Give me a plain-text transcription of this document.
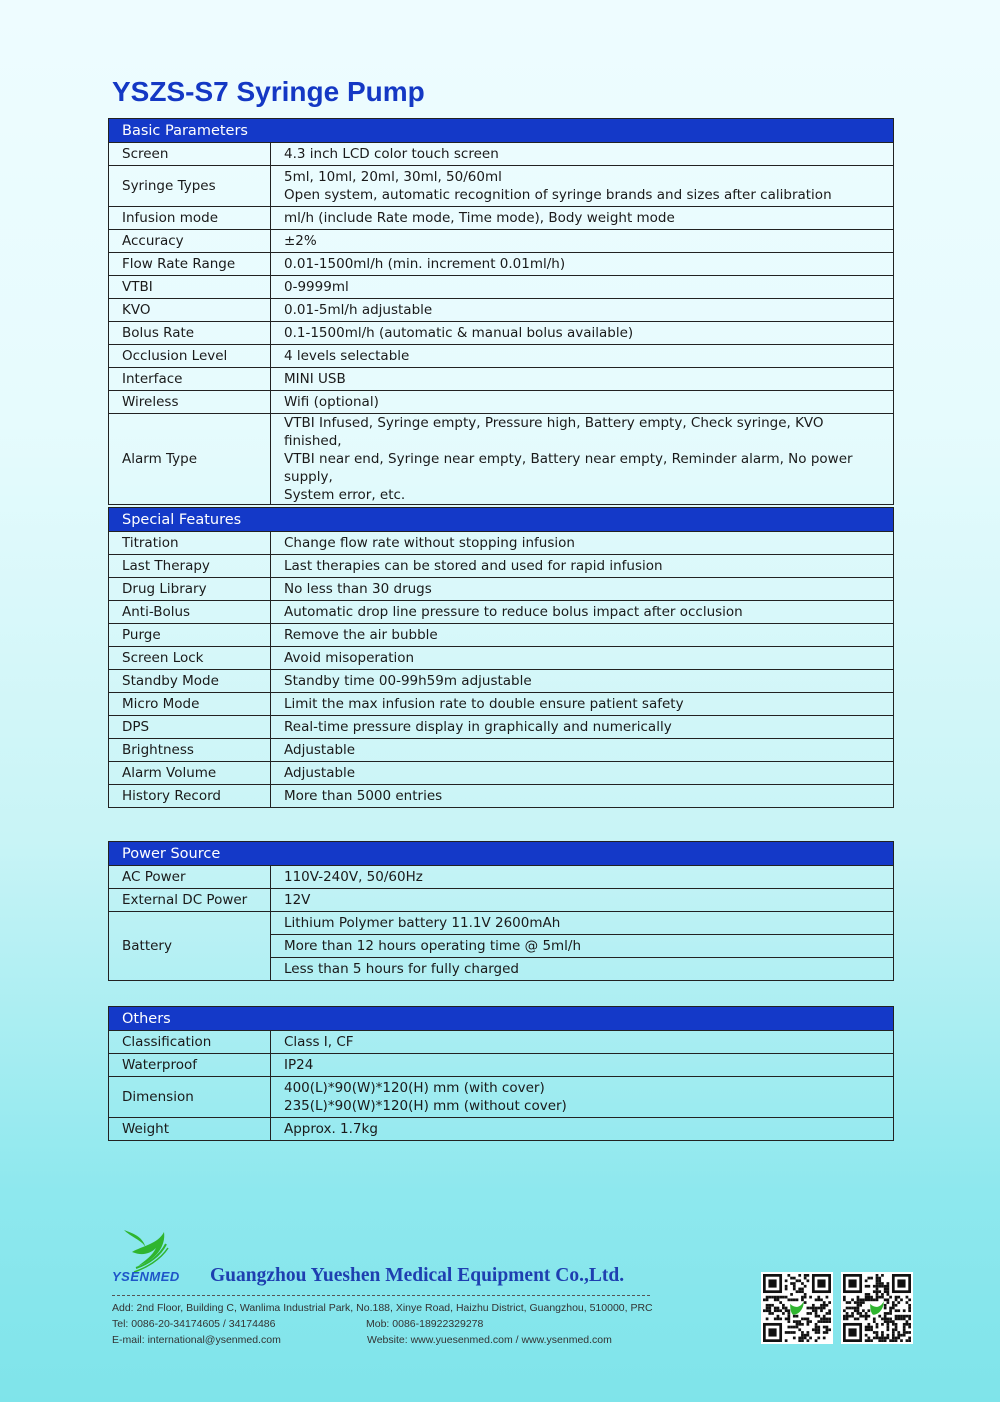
YSZS-S7 Syringe Pump
Basic Parameters	
Screen	4.3 inch LCD color touch screen

Syringe Types	5ml, 10ml, 20ml, 30ml, 50/60ml
Open system, automatic recognition of syringe brands and sizes after calibration

Infusion mode	ml/h (include Rate mode, Time mode), Body weight mode

Accuracy	±2%

Flow Rate Range	0.01-1500ml/h (min. increment 0.01ml/h)

VTBI	0-9999ml

KVO	0.01-5ml/h adjustable

Bolus Rate	0.1-1500ml/h (automatic & manual bolus available)

Occlusion Level	4 levels selectable

Interface	MINI USB

Wireless	Wifi (optional)

Alarm Type	VTBI Infused, Syringe empty, Pressure high, Battery empty, Check syringe, KVO finished,
VTBI near end, Syringe near empty, Battery near empty, Reminder alarm, No power supply,
System error, etc.
Special Features	
Titration	Change flow rate without stopping infusion

Last Therapy	Last therapies can be stored and used for rapid infusion

Drug Library	No less than 30 drugs

Anti-Bolus	Automatic drop line pressure to reduce bolus impact after occlusion

Purge	Remove the air bubble

Screen Lock	Avoid misoperation

Standby Mode	Standby time 00-99h59m adjustable

Micro Mode	Limit the max infusion rate to double ensure patient safety

DPS	Real-time pressure display in graphically and numerically

Brightness	Adjustable

Alarm Volume	Adjustable

History Record	More than 5000 entries
Power Source	
AC Power	110V-240V, 50/60Hz
External DC Power	12V
Battery	Lithium Polymer battery 11.1V 2600mAh
	More than 12 hours operating time @ 5ml/h
	Less than 5 hours for fully charged
Others	
Classification	Class I, CF

Waterproof	IP24

Dimension	400(L)*90(W)*120(H) mm (with cover)
235(L)*90(W)*120(H) mm (without cover)

Weight	Approx. 1.7kg
YSENMED Guangzhou Yueshen Medical Equipment Co.,Ltd.
Add: 2nd Floor, Building C, Wanlima Industrial Park, No.188, Xinye Road, Haizhu District, Guangzhou, 510000, PRC
Tel: 0086-20-34174605 / 34174486	Mob: 0086-18922329278
E-mail: international@ysenmed.com	Website: www.yuesenmed.com / www.ysenmed.com
